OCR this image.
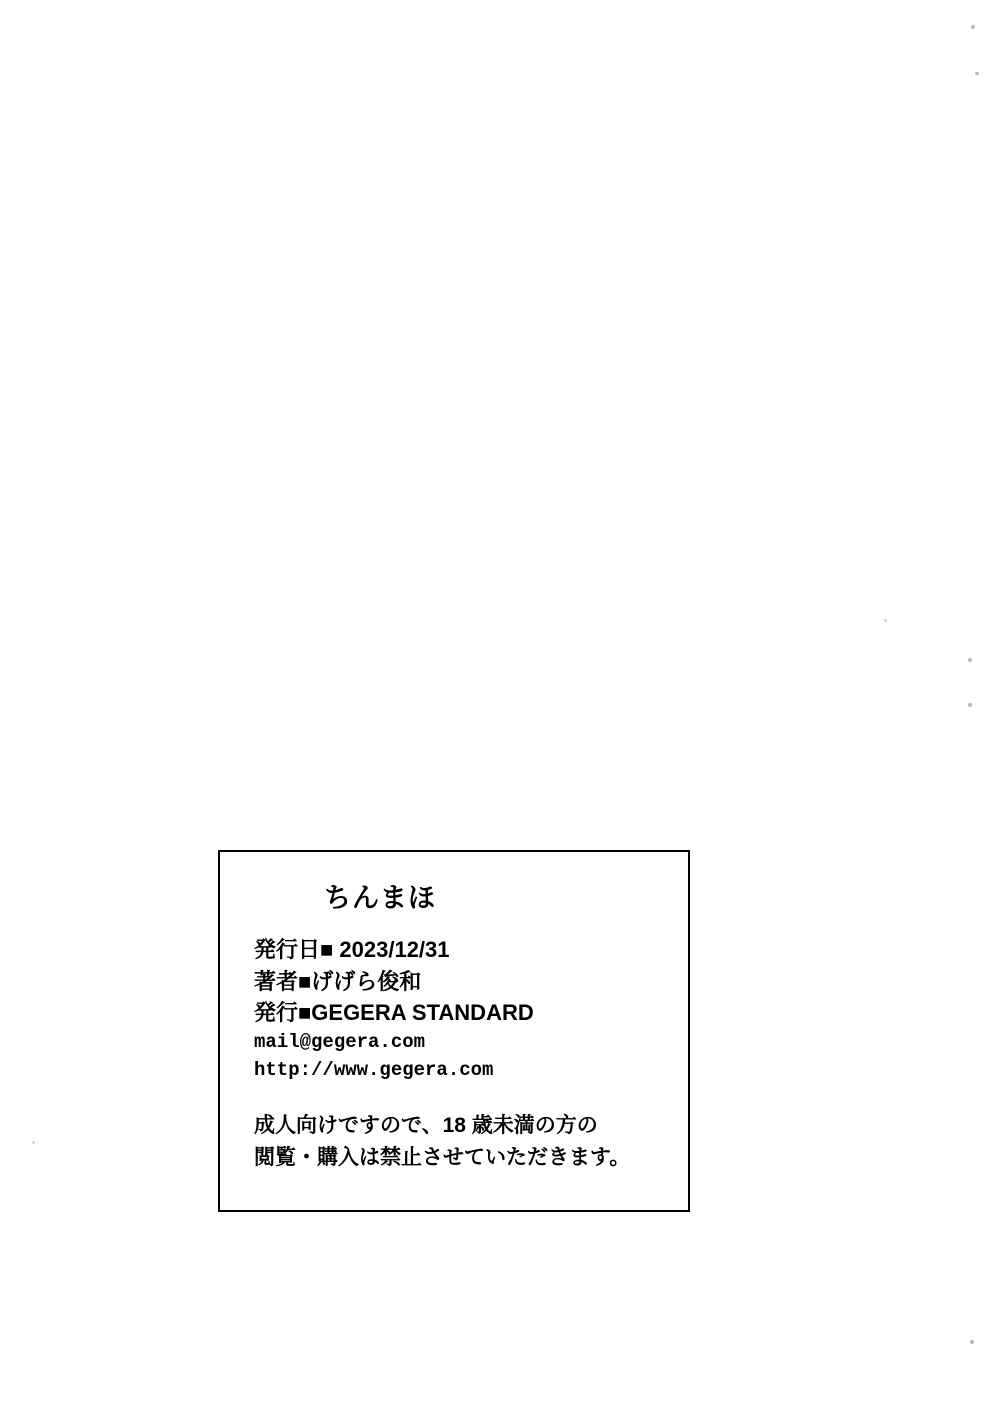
ちんまほ
発行日■ 2023/12/31
著者■げげら俊和
発行■GEGERA STANDARD
mail@gegera.com
http://www.gegera.com
成人向けですので、18 歳未満の方の
閲覧・購入は禁止させていただきます。
